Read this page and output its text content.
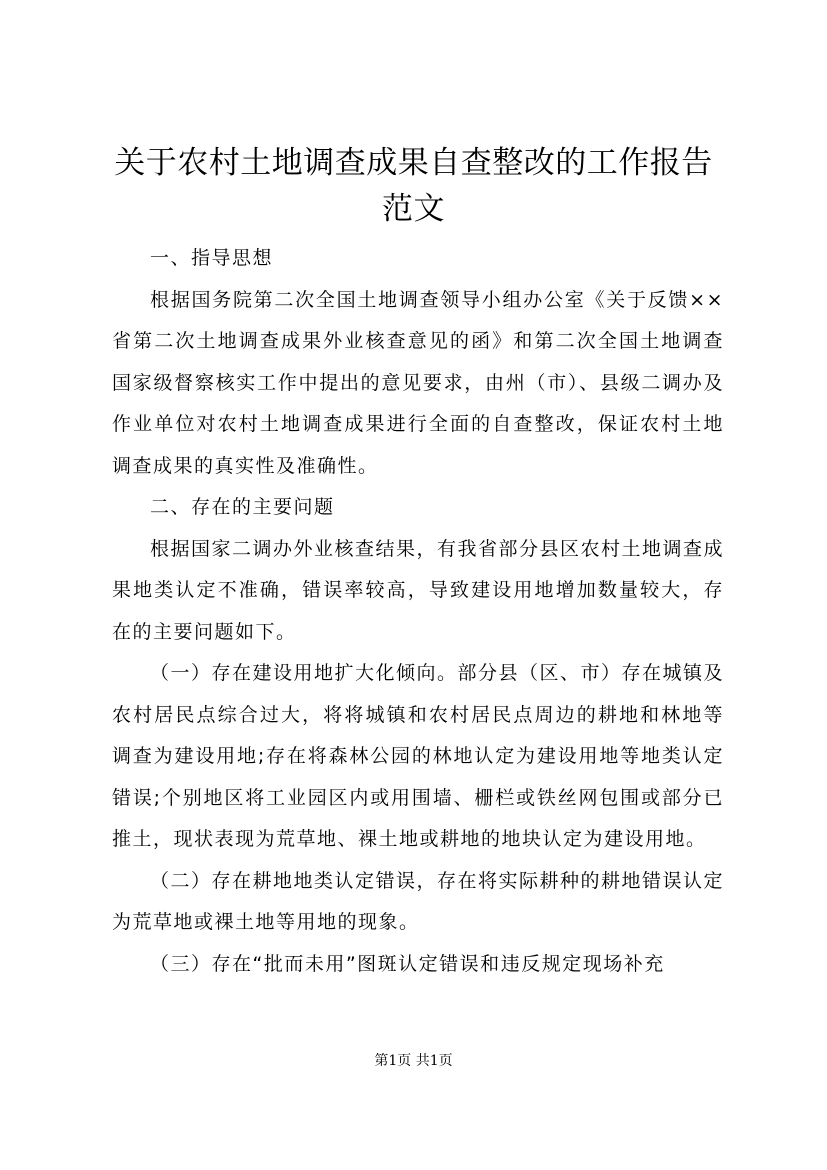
关于农村土地调查成果自查整改的工作报告范文

一、指导思想

根据国务院第二次全国土地调查领导小组办公室《关于反馈××省第二次土地调查成果外业核查意见的函》和第二次全国土地调查国家级督察核实工作中提出的意见要求，由州（市）、县级二调办及作业单位对农村土地调查成果进行全面的自查整改，保证农村土地调查成果的真实性及准确性。

二、存在的主要问题

根据国家二调办外业核查结果，有我省部分县区农村土地调查成果地类认定不准确，错误率较高，导致建设用地增加数量较大，存在的主要问题如下。

（一）存在建设用地扩大化倾向。部分县（区、市）存在城镇及农村居民点综合过大，将将城镇和农村居民点周边的耕地和林地等调查为建设用地;存在将森林公园的林地认定为建设用地等地类认定错误;个别地区将工业园区内或用围墙、栅栏或铁丝网包围或部分已推土，现状表现为荒草地、裸土地或耕地的地块认定为建设用地。

（二）存在耕地地类认定错误，存在将实际耕种的耕地错误认定为荒草地或裸土地等用地的现象。

（三）存在“批而未用”图斑认定错误和违反规定现场补充

第1页 共1页
